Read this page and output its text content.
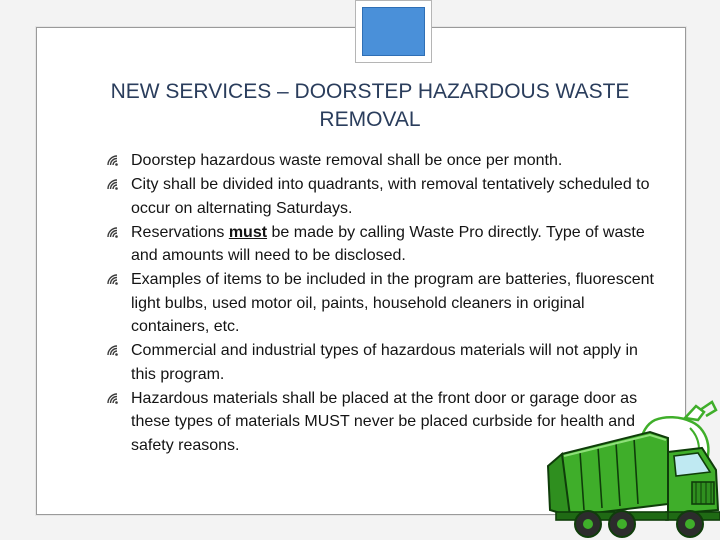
NEW SERVICES – DOORSTEP HAZARDOUS WASTE REMOVAL
Doorstep hazardous waste removal shall be once per month.
City shall be divided into quadrants, with removal tentatively scheduled to occur on alternating Saturdays.
Reservations must be made by calling Waste Pro directly. Type of waste and amounts will need to be disclosed.
Examples of items to be included in the program are batteries, fluorescent light bulbs, used motor oil, paints, household cleaners in original containers, etc.
Commercial and industrial types of hazardous materials will not apply in this program.
Hazardous materials shall be placed at the front door or garage door as these types of materials MUST never be placed curbside for health and safety reasons.
